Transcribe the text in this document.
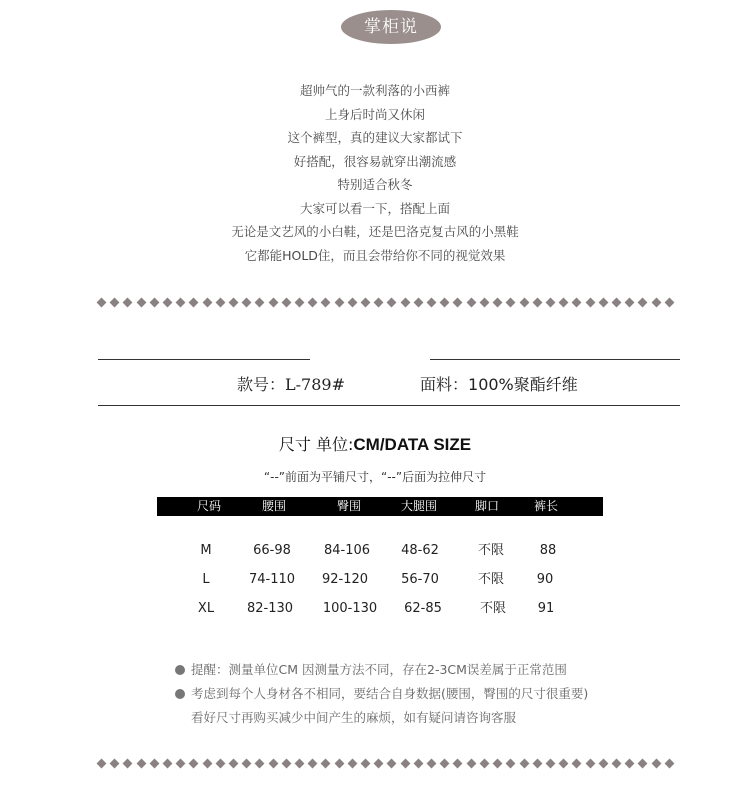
掌柜说
超帅气的一款利落的小西裤
上身后时尚又休闲
这个裤型，真的建议大家都试下
好搭配，很容易就穿出潮流感
特别适合秋冬
大家可以看一下，搭配上面
无论是文艺风的小白鞋，还是巴洛克复古风的小黑鞋
它都能HOLD住，而且会带给你不同的视觉效果
款号：L-789#	面料：100%聚酯纤维
尺寸 单位:CM/DATA SIZE
“--”前面为平铺尺寸，“--”后面为拉伸尺寸
尺码	腰围	臀围	大腿围	脚口	裤长
M	66-98	84-106	48-62	不限	88
L	74-110	92-120	56-70	不限	90
XL	82-130	100-130	62-85	不限	91
提醒：测量单位CM 因测量方法不同，存在2-3CM误差属于正常范围
考虑到每个人身材各不相同，要结合自身数据(腰围，臀围的尺寸很重要)
看好尺寸再购买减少中间产生的麻烦，如有疑问请咨询客服
